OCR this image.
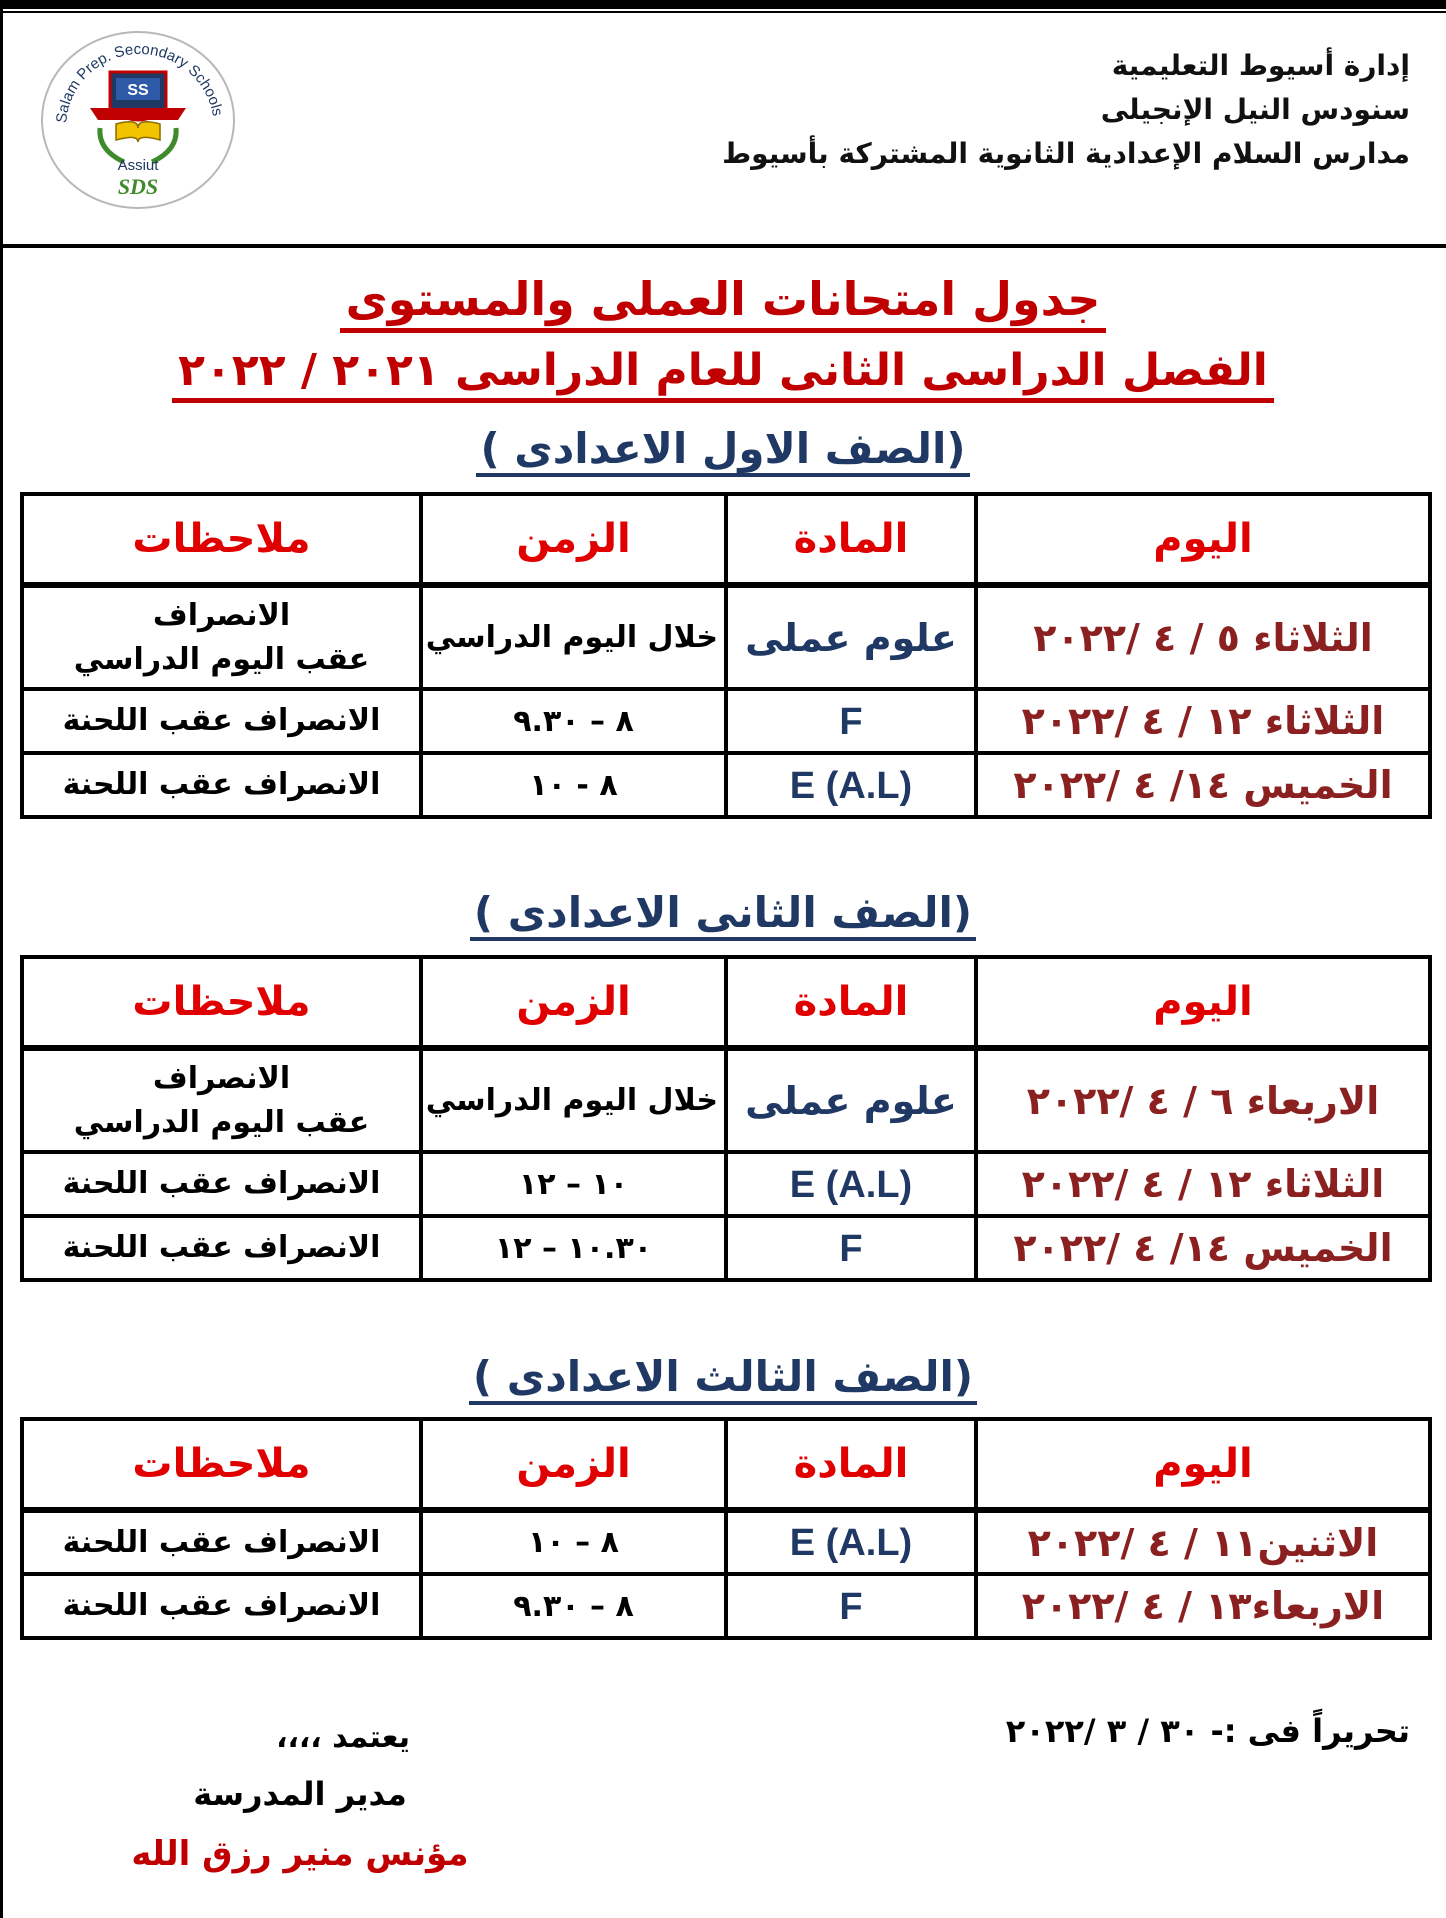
Salam Prep. Secondary Schools
SS
Assiut
SDS
إدارة أسيوط التعليمية
سنودس النيل الإنجيلى
مدارس السلام الإعدادية الثانوية المشتركة بأسيوط
جدول امتحانات العملى والمستوى
الفصل الدراسى الثانى للعام الدراسى ٢٠٢١ / ٢٠٢٢
(الصف الاول الاعدادى )
اليوم	المادة	الزمن	ملاحظات
الثلاثاء ٥ / ٤ /٢٠٢٢	علوم عملى	خلال اليوم الدراسي	الانصراف
عقب اليوم الدراسي

الثلاثاء ١٢ / ٤ /٢٠٢٢	F	٨ – ٩.٣٠	الانصراف عقب اللحنة
الخميس ١٤/ ٤ /٢٠٢٢	E (A.L)	٨ - ١٠	الانصراف عقب اللحنة
(الصف الثانى الاعدادى )
اليوم	المادة	الزمن	ملاحظات
الاربعاء ٦ / ٤ /٢٠٢٢	علوم عملى	خلال اليوم الدراسي	الانصراف
عقب اليوم الدراسي

الثلاثاء ١٢ / ٤ /٢٠٢٢	E (A.L)	١٠ – ١٢	الانصراف عقب اللحنة
الخميس ١٤/ ٤ /٢٠٢٢	F	١٠.٣٠ – ١٢	الانصراف عقب اللحنة
(الصف الثالث الاعدادى )
اليوم	المادة	الزمن	ملاحظات
الاثنين١١ / ٤ /٢٠٢٢	E (A.L)	٨ – ١٠	الانصراف عقب اللحنة
الاربعاء١٣ / ٤ /٢٠٢٢	F	٨ – ٩.٣٠	الانصراف عقب اللحنة
تحريراً فى :- ٣٠ / ٣ /٢٠٢٢
يعتمد ،،،،
مدير المدرسة
مؤنس منير رزق الله
